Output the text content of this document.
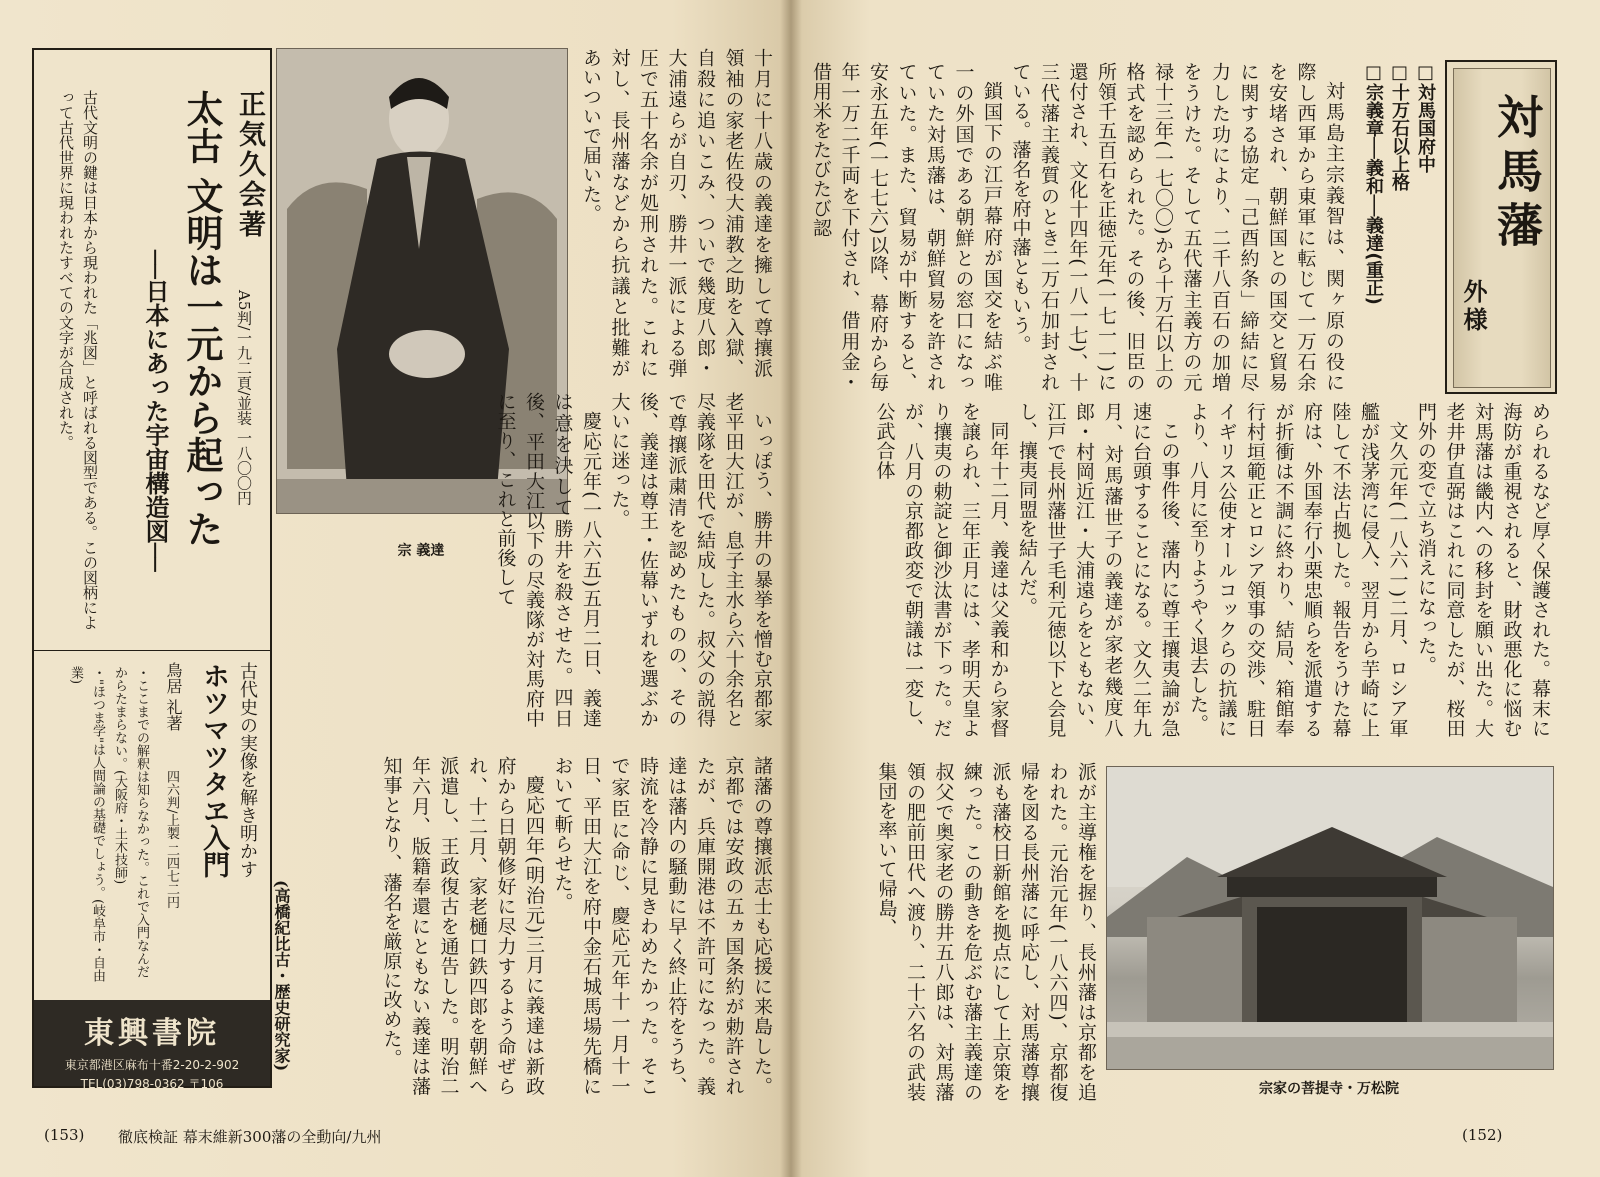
対馬藩
外様
□対馬国府中
□十万石以上格
□宗義章──義和──義達(重正)

対馬島主宗義智は、関ヶ原の役に際し西軍から東軍に転じて一万石余を安堵され、朝鮮国との国交と貿易に関する協定「己酉約条」締結に尽力した功により、二千八百石の加増をうけた。そして五代藩主義方の元禄十三年(一七〇〇)から十万石以上の格式を認められた。その後、旧臣の所領千五百石を正徳元年(一七一一)に還付され、文化十四年(一八一七)、十三代藩主義質のとき二万石加封されている。藩名を府中藩ともいう。

鎖国下の江戸幕府が国交を結ぶ唯一の外国である朝鮮との窓口になっていた対馬藩は、朝鮮貿易を許されていた。また、貿易が中断すると、安永五年(一七七六)以降、幕府から毎年一万二千両を下付され、借用金・借用米をたびたび認

められるなど厚く保護された。幕末に海防が重視されると、財政悪化に悩む対馬藩は畿内への移封を願い出た。大老井伊直弼はこれに同意したが、桜田門外の変で立ち消えになった。

文久元年(一八六一)二月、ロシア軍艦が浅茅湾に侵入、翌月から芋崎に上陸して不法占拠した。報告をうけた幕府は、外国奉行小栗忠順らを派遣するが折衝は不調に終わり、結局、箱館奉行村垣範正とロシア領事の交渉、駐日イギリス公使オールコックらの抗議により、八月に至りようやく退去した。

この事件後、藩内に尊王攘夷論が急速に台頭することになる。文久二年九月、対馬藩世子の義達が家老幾度八郎・村岡近江・大浦遠らをともない、江戸で長州藩世子毛利元徳以下と会見し、攘夷同盟を結んだ。

同年十二月、義達は父義和から家督を譲られ、三年正月には、孝明天皇より攘夷の勅諚と御沙汰書が下った。だが、八月の京都政変で朝議は一変し、公武合体

派が主導権を握り、長州藩は京都を追われた。元治元年(一八六四)、京都復帰を図る長州藩に呼応し、対馬藩尊攘派も藩校日新館を拠点にして上京策を練った。この動きを危ぶむ藩主義達の叔父で奥家老の勝井五八郎は、対馬藩領の肥前田代へ渡り、二十六名の武装集団を率いて帰島、

宗家の菩提寺・万松院
(152)
宗 義達

十月に十八歳の義達を擁して尊攘派領袖の家老佐役大浦教之助を入獄、自殺に追いこみ、ついで幾度八郎・大浦遠らが自刃、勝井一派による弾圧で五十名余が処刑された。これに対し、長州藩などから抗議と批難があいついで届いた。

いっぽう、勝井の暴挙を憎む京都家老平田大江が、息子主水ら六十余名と尽義隊を田代で結成した。叔父の説得で尊攘派粛清を認めたものの、その後、義達は尊王・佐幕いずれを選ぶか大いに迷った。

慶応元年(一八六五)五月二日、義達は意を決して勝井を殺させた。四日後、平田大江以下の尽義隊が対馬府中に至り、これと前後して

諸藩の尊攘派志士も応援に来島した。京都では安政の五ヵ国条約が勅許されたが、兵庫開港は不許可になった。義達は藩内の騒動に早く終止符をうち、時流を冷静に見きわめたかった。そこで家臣に命じ、慶応元年十一月十一日、平田大江を府中金石城馬場先橋において斬らせた。

慶応四年(明治元)三月に義達は新政府から日朝修好に尽力するよう命ぜられ、十二月、家老樋口鉄四郎を朝鮮へ派遣し、王政復古を通告した。明治二年六月、版籍奉還にともない義達は藩知事となり、藩名を厳原に改めた。

(高橋紀比古・歴史研究家)
正気久会著
太古 文明は一元から起った
──日本にあった宇宙構造図──	A5判/一九二頁/並装 一八〇〇円
古代文明の鍵は日本から現われた「兆図」と呼ばれる図型である。この図柄によって古代世界に現われたすべての文字が合成された。
古代史の実像を解き明かす
ホツマツタヱ入門
鳥居 礼著
四六判/上製 二四七二円
・ここまでの解釈は知らなかった。これで入門なんだからたまらない。(大阪府・土木技師)
・"ほつま学"は人間論の基礎でしょう。(岐阜市・自由業)
東興書院
東京都港区麻布十番2-20-2-902
TEL(03)798-0362 〒106
(153) 徹底検証 幕末維新300藩の全動向/九州
